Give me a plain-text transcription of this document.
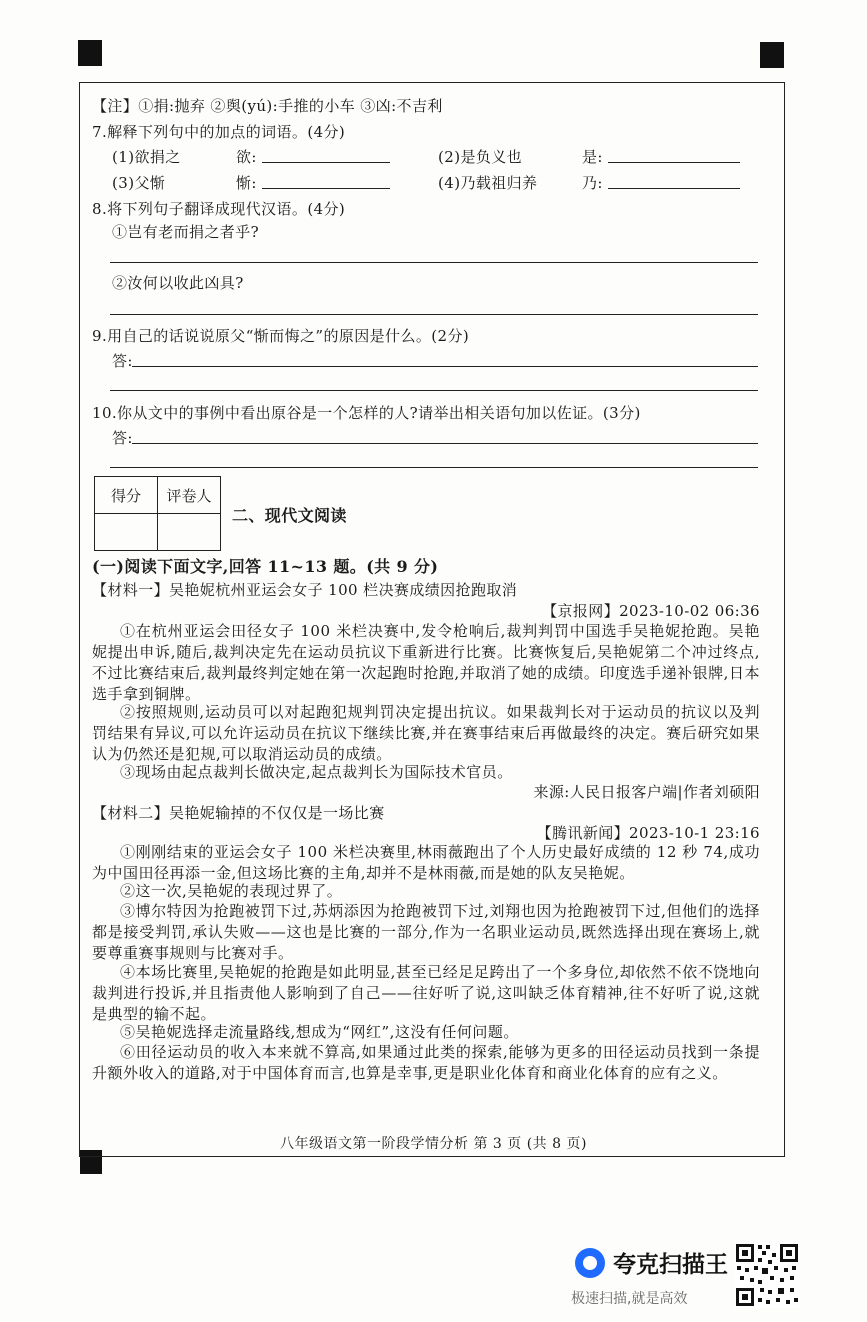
【注】①捐:抛弃 ②舆(yú):手推的小车 ③凶:不吉利
7.解释下列句中的加点的词语。(4分)
(1)欲捐之	欲:	(2)是负义也	是:
(3)父惭	惭:	(4)乃载祖归养	乃:
8.将下列句子翻译成现代汉语。(4分)
①岂有老而捐之者乎?
②汝何以收此凶具?
9.用自己的话说说原父“惭而悔之”的原因是什么。(2分)
答:
10.你从文中的事例中看出原谷是一个怎样的人?请举出相关语句加以佐证。(3分)
答:
得分	评卷人

二、现代文阅读
(一)阅读下面文字,回答 11~13 题。(共 9 分)
【材料一】吴艳妮杭州亚运会女子 100 栏决赛成绩因抢跑取消
【京报网】2023-10-02 06:36
①在杭州亚运会田径女子 100 米栏决赛中,发令枪响后,裁判判罚中国选手吴艳妮抢跑。吴艳妮提出申诉,随后,裁判决定先在运动员抗议下重新进行比赛。比赛恢复后,吴艳妮第二个冲过终点,不过比赛结束后,裁判最终判定她在第一次起跑时抢跑,并取消了她的成绩。印度选手递补银牌,日本选手拿到铜牌。
②按照规则,运动员可以对起跑犯规判罚决定提出抗议。如果裁判长对于运动员的抗议以及判罚结果有异议,可以允许运动员在抗议下继续比赛,并在赛事结束后再做最终的决定。赛后研究如果认为仍然还是犯规,可以取消运动员的成绩。
③现场由起点裁判长做决定,起点裁判长为国际技术官员。
来源:人民日报客户端|作者刘硕阳
【材料二】吴艳妮输掉的不仅仅是一场比赛
【腾讯新闻】2023-10-1 23:16
①刚刚结束的亚运会女子 100 米栏决赛里,林雨薇跑出了个人历史最好成绩的 12 秒 74,成功为中国田径再添一金,但这场比赛的主角,却并不是林雨薇,而是她的队友吴艳妮。
②这一次,吴艳妮的表现过界了。
③博尔特因为抢跑被罚下过,苏炳添因为抢跑被罚下过,刘翔也因为抢跑被罚下过,但他们的选择都是接受判罚,承认失败——这也是比赛的一部分,作为一名职业运动员,既然选择出现在赛场上,就要尊重赛事规则与比赛对手。
④本场比赛里,吴艳妮的抢跑是如此明显,甚至已经足足跨出了一个多身位,却依然不依不饶地向裁判进行投诉,并且指责他人影响到了自己——往好听了说,这叫缺乏体育精神,往不好听了说,这就是典型的输不起。
⑤吴艳妮选择走流量路线,想成为“网红”,这没有任何问题。
⑥田径运动员的收入本来就不算高,如果通过此类的探索,能够为更多的田径运动员找到一条提升额外收入的道路,对于中国体育而言,也算是幸事,更是职业化体育和商业化体育的应有之义。
八年级语文第一阶段学情分析 第 3 页 (共 8 页)
夸克扫描王
极速扫描,就是高效
